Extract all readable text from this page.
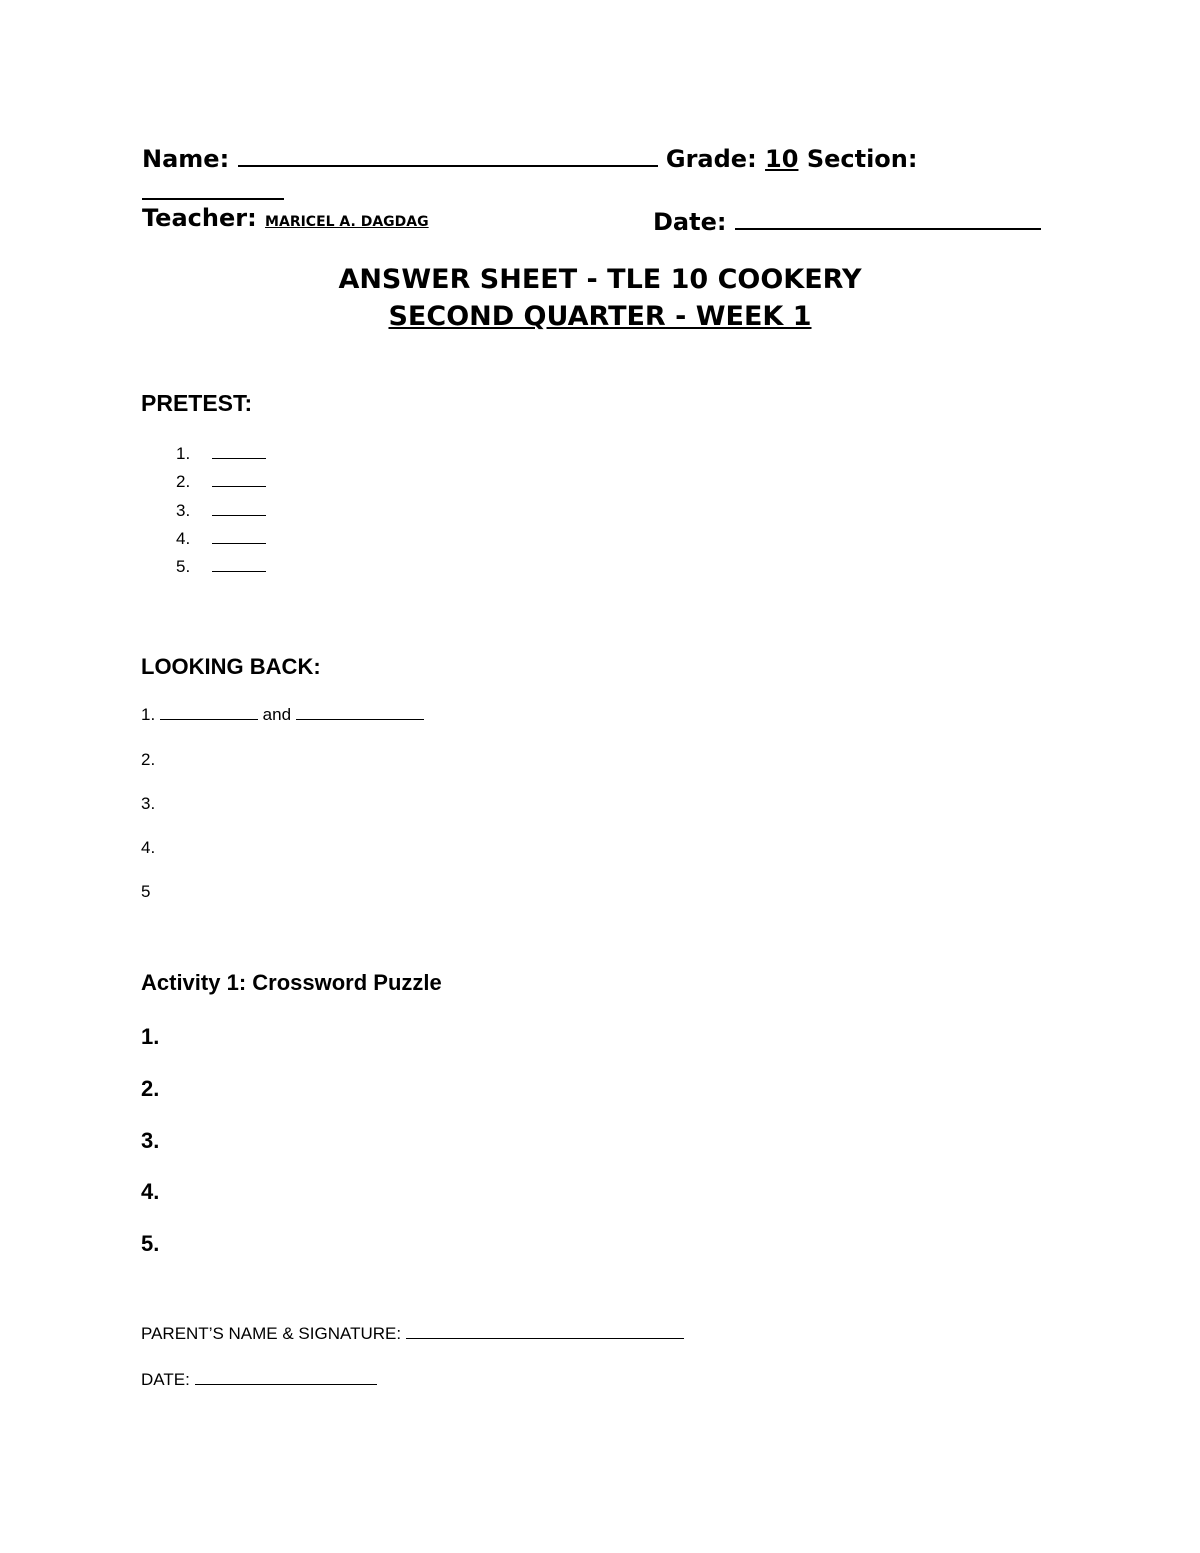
Name:	Grade: 10 Section:
Teacher: MARICEL A. DAGDAG	Date:
ANSWER SHEET - TLE 10 COOKERY
SECOND QUARTER - WEEK 1
PRETEST:
1.
2.
3.
4.
5.
LOOKING BACK:
1.	and
2.
3.
4.
5
Activity 1: Crossword Puzzle
1.
2.
3.
4.
5.
PARENT’S NAME & SIGNATURE:
DATE:
